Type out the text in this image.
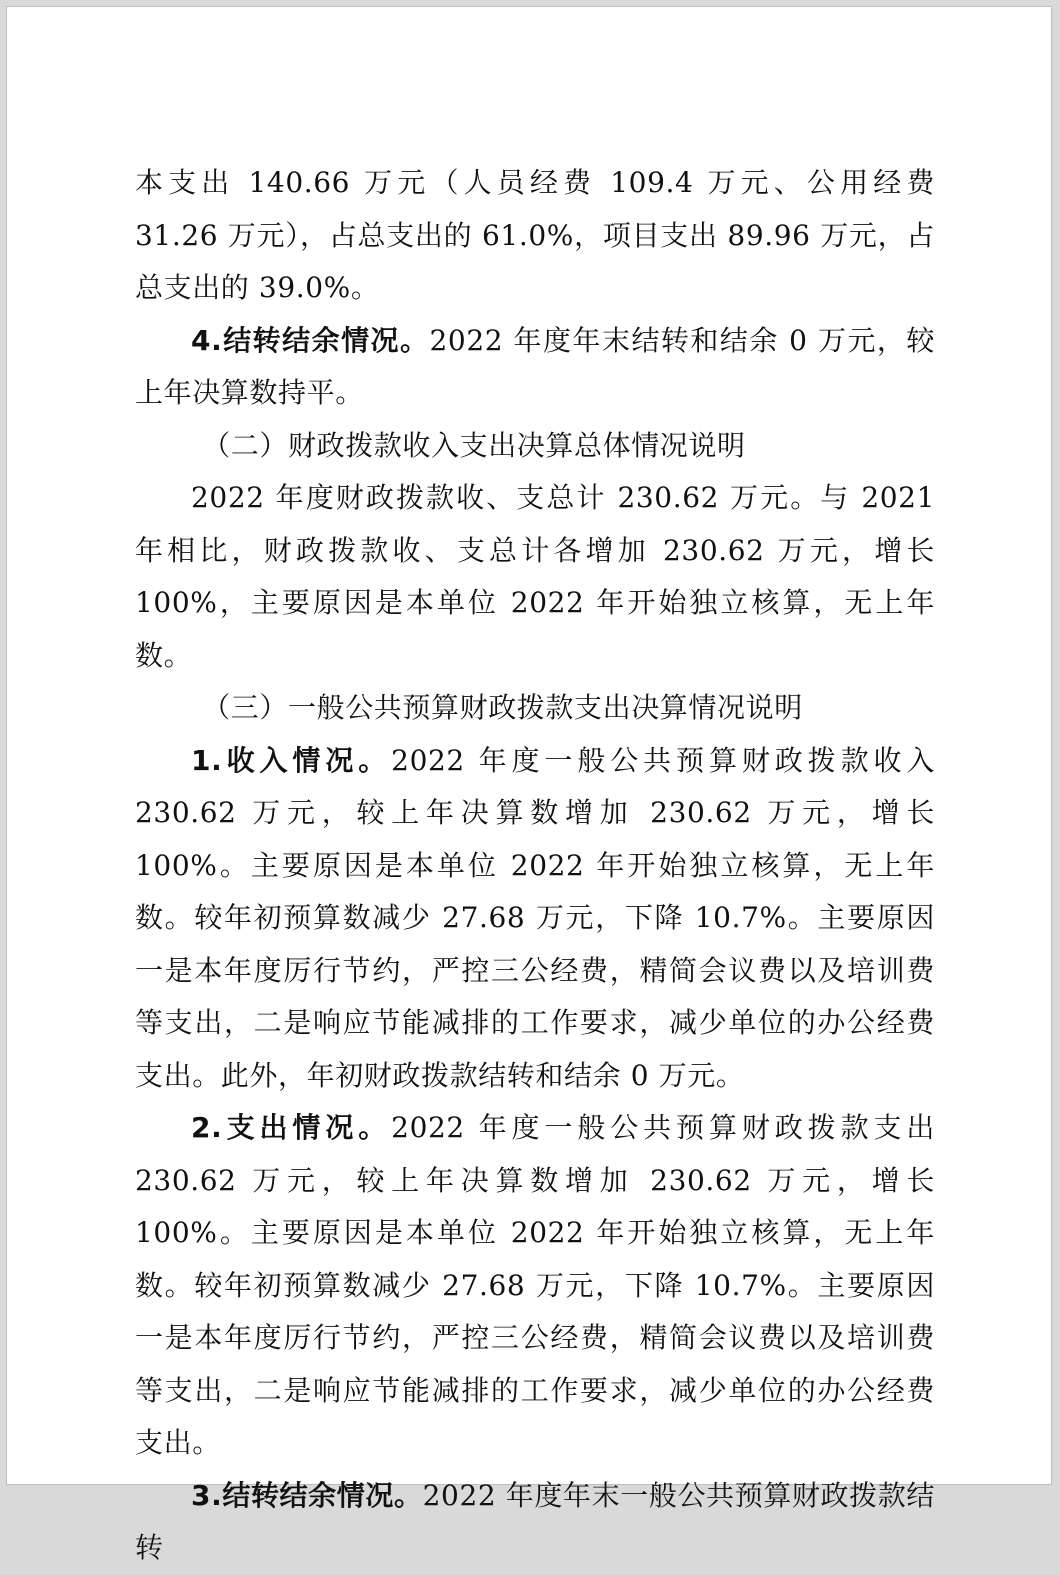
本支出 140.66 万元（人员经费 109.4 万元、公用经费 31.26 万元），占总支出的 61.0%，项目支出 89.96 万元，占总支出的 39.0%。

4.结转结余情况。2022 年度年末结转和结余 0 万元，较上年决算数持平。

（二）财政拨款收入支出决算总体情况说明

2022 年度财政拨款收、支总计 230.62 万元。与 2021 年相比，财政拨款收、支总计各增加 230.62 万元，增长 100%，主要原因是本单位 2022 年开始独立核算，无上年数。

（三）一般公共预算财政拨款支出决算情况说明

1.收入情况。2022 年度一般公共预算财政拨款收入 230.62 万元，较上年决算数增加 230.62 万元，增长 100%。主要原因是本单位 2022 年开始独立核算，无上年数。较年初预算数减少 27.68 万元，下降 10.7%。主要原因一是本年度厉行节约，严控三公经费，精简会议费以及培训费等支出，二是响应节能减排的工作要求，减少单位的办公经费支出。此外，年初财政拨款结转和结余 0 万元。

2.支出情况。2022 年度一般公共预算财政拨款支出 230.62 万元，较上年决算数增加 230.62 万元，增长 100%。主要原因是本单位 2022 年开始独立核算，无上年数。较年初预算数减少 27.68 万元，下降 10.7%。主要原因一是本年度厉行节约，严控三公经费，精简会议费以及培训费等支出，二是响应节能减排的工作要求，减少单位的办公经费支出。

3.结转结余情况。2022 年度年末一般公共预算财政拨款结转
